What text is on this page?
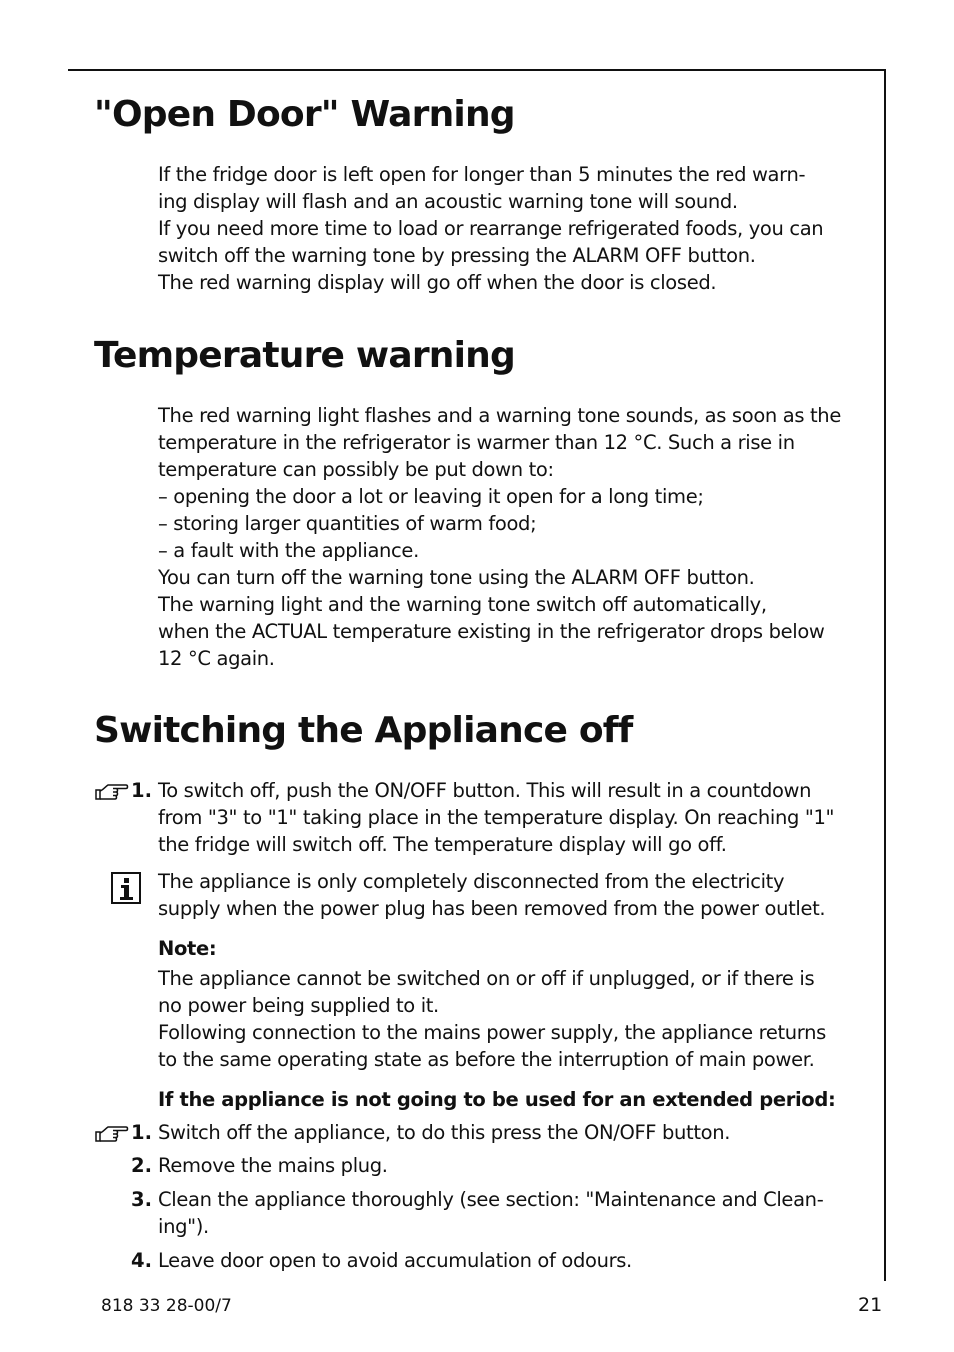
"Open Door" Warning
If the fridge door is left open for longer than 5 minutes the red warn-
ing display will flash and an acoustic warning tone will sound.
If you need more time to load or rearrange refrigerated foods, you can
switch off the warning tone by pressing the ALARM OFF button.
The red warning display will go off when the door is closed.
Temperature warning
The red warning light flashes and a warning tone sounds, as soon as the
temperature in the refrigerator is warmer than 12 °C. Such a rise in
temperature can possibly be put down to:
– opening the door a lot or leaving it open for a long time;
– storing larger quantities of warm food;
– a fault with the appliance.
You can turn off the warning tone using the ALARM OFF button.
The warning light and the warning tone switch off automatically,
when the ACTUAL temperature existing in the refrigerator drops below
12 °C again.
Switching the Appliance off
1. To switch off, push the ON/OFF button. This will result in a countdown
from "3" to "1" taking place in the temperature display. On reaching "1"
the fridge will switch off. The temperature display will go off.
The appliance is only completely disconnected from the electricity
supply when the power plug has been removed from the power outlet.
Note:
The appliance cannot be switched on or off if unplugged, or if there is
no power being supplied to it.
Following connection to the mains power supply, the appliance returns
to the same operating state as before the interruption of main power.
If the appliance is not going to be used for an extended period:
1. Switch off the appliance, to do this press the ON/OFF button.
2. Remove the mains plug.
3. Clean the appliance thoroughly (see section: "Maintenance and Clean-
ing").
4. Leave door open to avoid accumulation of odours.
818 33 28-00/7	21
